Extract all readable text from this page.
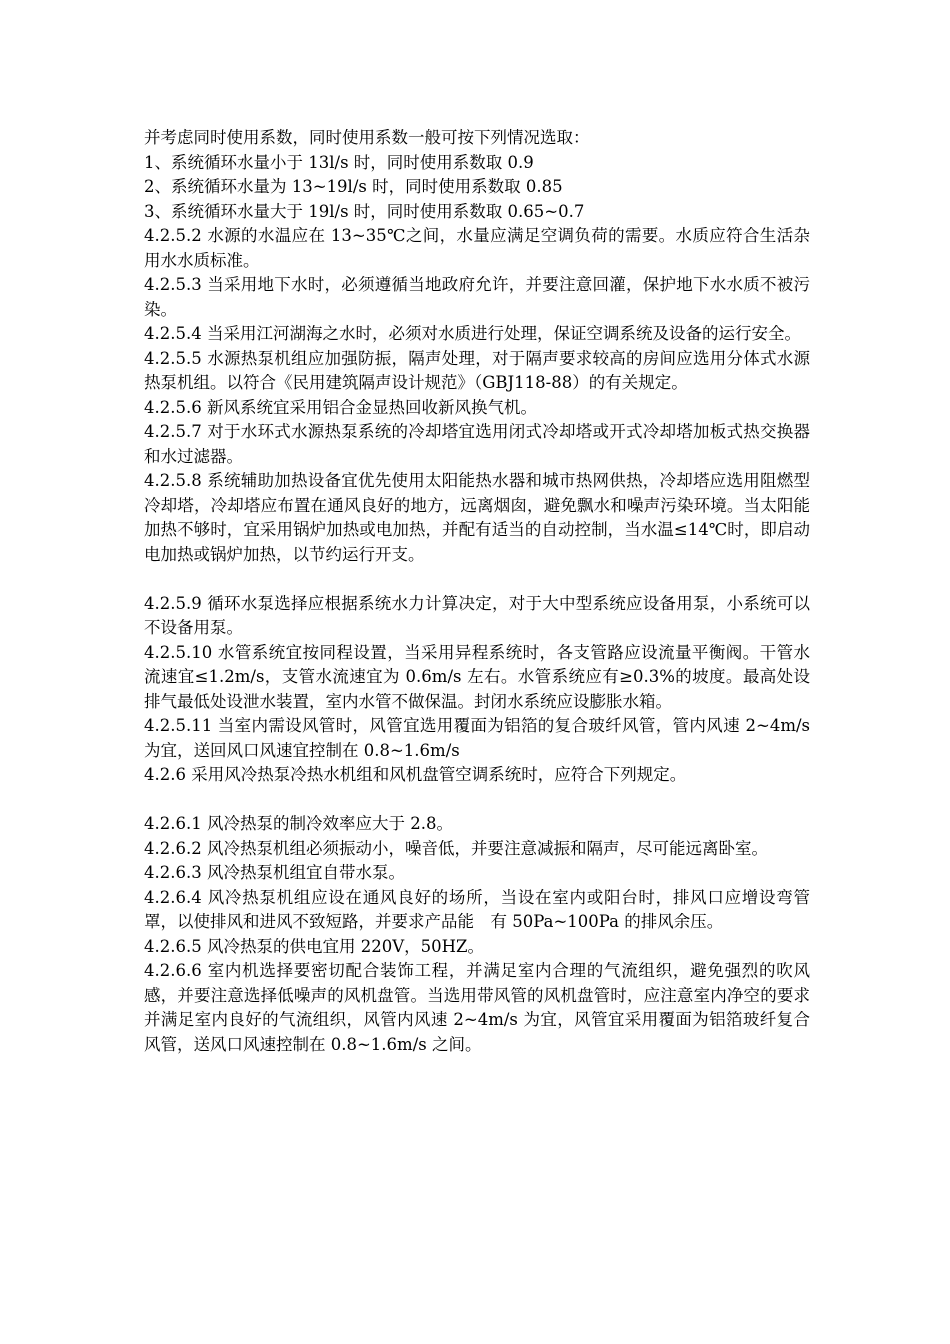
并考虑同时使用系数，同时使用系数一般可按下列情况选取：

1、系统循环水量小于 13l/s 时，同时使用系数取 0.9

2、系统循环水量为 13~19l/s 时，同时使用系数取 0.85

3、系统循环水量大于 19l/s 时，同时使用系数取 0.65~0.7

4.2.5.2 水源的水温应在 13~35℃之间，水量应满足空调负荷的需要。水质应符合生活杂用水水质标准。

4.2.5.3 当采用地下水时，必须遵循当地政府允许，并要注意回灌，保护地下水水质不被污染。

4.2.5.4 当采用江河湖海之水时，必须对水质进行处理，保证空调系统及设备的运行安全。

4.2.5.5 水源热泵机组应加强防振，隔声处理，对于隔声要求较高的房间应选用分体式水源热泵机组。以符合《民用建筑隔声设计规范》（GBJ118-88）的有关规定。

4.2.5.6 新风系统宜采用铝合金显热回收新风换气机。

4.2.5.7 对于水环式水源热泵系统的冷却塔宜选用闭式冷却塔或开式冷却塔加板式热交换器和水过滤器。

4.2.5.8 系统辅助加热设备宜优先使用太阳能热水器和城市热网供热，冷却塔应选用阻燃型冷却塔，冷却塔应布置在通风良好的地方，远离烟囱，避免飘水和噪声污染环境。当太阳能加热不够时，宜采用锅炉加热或电加热，并配有适当的自动控制，当水温≤14℃时，即启动电加热或锅炉加热，以节约运行开支。

4.2.5.9 循环水泵选择应根据系统水力计算决定，对于大中型系统应设备用泵，小系统可以不设备用泵。

4.2.5.10 水管系统宜按同程设置，当采用异程系统时，各支管路应设流量平衡阀。干管水流速宜≤1.2m/s，支管水流速宜为 0.6m/s 左右。水管系统应有≥0.3%的坡度。最高处设排气最低处设泄水装置，室内水管不做保温。封闭水系统应设膨胀水箱。

4.2.5.11 当室内需设风管时，风管宜选用覆面为铝箔的复合玻纤风管，管内风速 2~4m/s 为宜，送回风口风速宜控制在 0.8~1.6m/s

4.2.6 采用风冷热泵冷热水机组和风机盘管空调系统时，应符合下列规定。

4.2.6.1 风冷热泵的制冷效率应大于 2.8。

4.2.6.2 风冷热泵机组必须振动小，噪音低，并要注意减振和隔声，尽可能远离卧室。

4.2.6.3 风冷热泵机组宜自带水泵。

4.2.6.4 风冷热泵机组应设在通风良好的场所，当设在室内或阳台时，排风口应增设弯管罩，以使排风和进风不致短路，并要求产品能　有 50Pa~100Pa 的排风余压。

4.2.6.5 风冷热泵的供电宜用 220V，50HZ。

4.2.6.6 室内机选择要密切配合装饰工程，并满足室内合理的气流组织，避免强烈的吹风感，并要注意选择低噪声的风机盘管。当选用带风管的风机盘管时，应注意室内净空的要求并满足室内良好的气流组织，风管内风速 2~4m/s 为宜，风管宜采用覆面为铝箔玻纤复合风管，送风口风速控制在 0.8~1.6m/s 之间。
